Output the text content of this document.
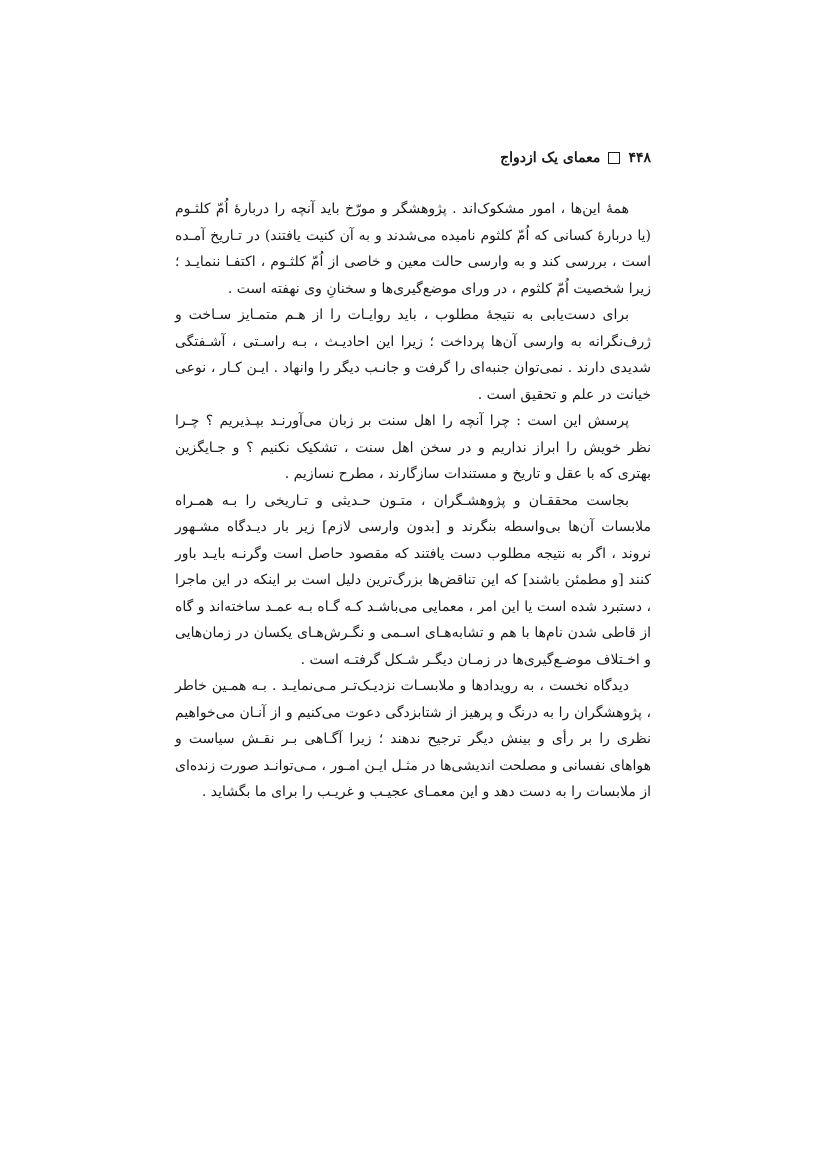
۴۴۸
معمای یک ازدواج

همهٔ این‌ها ، امور مشکوک‌اند . پژوهشگر و مورّخ باید آنچه را دربارهٔ اُمّ کلثـوم (یا دربارهٔ کسانی که اُمّ کلثوم نامیده می‌شدند و به آن کنیت یافتند) در تـاریخ آمـده است ، بررسی کند و به وارسی حالت معین و خاصی از اُمّ کلثـوم ، اکتفـا ننمایـد ؛ زیرا شخصیت اُمّ کلثوم ، در ورای موضع‌گیری‌ها و سخنانِ وی نهفته است .

برای دست‌یابی به نتیجهٔ مطلوب ، باید روایـات را از هـم متمـایز سـاخت و ژرف‌نگرانه به وارسی آن‌ها پرداخت ؛ زیرا این احادیـث ، بـه راسـتی ، آشـفتگی شدیدی دارند . نمی‌توان جنبه‌ای را گرفت و جانـب دیگر را وانهاد . ایـن کـار ، نوعی خیانت در علم و تحقیق است .

پرسش این است : چرا آنچه را اهل سنت بر زبان می‌آورنـد بپـذیریم ؟ چـرا نظر خویش را ابراز نداریم و در سخن اهل سنت ، تشکیک نکنیم ؟ و جـایگزین بهتری که با عقل و تاریخ و مستندات سازگارند ، مطرح نسازیم .

بجاست محققـان و پژوهشـگران ، متـون حـدیثی و تـاریخی را بـه همـراه ملابسات آن‌ها بی‌واسطه بنگرند و [بدون وارسی لازم] زیر بار دیـدگاه مشـهور نروند ، اگر به نتیجه مطلوب دست یافتند که مقصود حاصل است وگرنـه بایـد باور کنند [و مطمئن باشند] که این تناقض‌ها بزرگ‌ترین دلیل است بر اینکه در این ماجرا ، دستبرد شده است یا این امر ، معمایی می‌باشـد کـه گـاه بـه عمـد ساخته‌اند و گاه از قاطی شدن نام‌ها با هم و تشابه‌هـای اسـمی و نگـرش‌هـای یکسان در زمان‌هایی و اخـتلاف موضـع‌گیری‌ها در زمـان دیگـر شـکل گرفتـه است .

دیدگاه نخست ، به رویدادها و ملابسـات نزدیـک‌تـر مـی‌نمایـد . بـه همـین خاطر ، پژوهشگران را به درنگ و پرهیز از شتابزدگی دعوت می‌کنیم و از آنـان می‌خواهیم نظری را بر رأی و بینش دیگر ترجیح ندهند ؛ زیرا آگـاهی بـر نقـش سیاست و هواهای نفسانی و مصلحت اندیشی‌ها در مثـل ایـن امـور ، مـی‌توانـد صورت زنده‌ای از ملابسات را به دست دهد و این معمـای عجیـب و غریـب را برای ما بگشاید .
